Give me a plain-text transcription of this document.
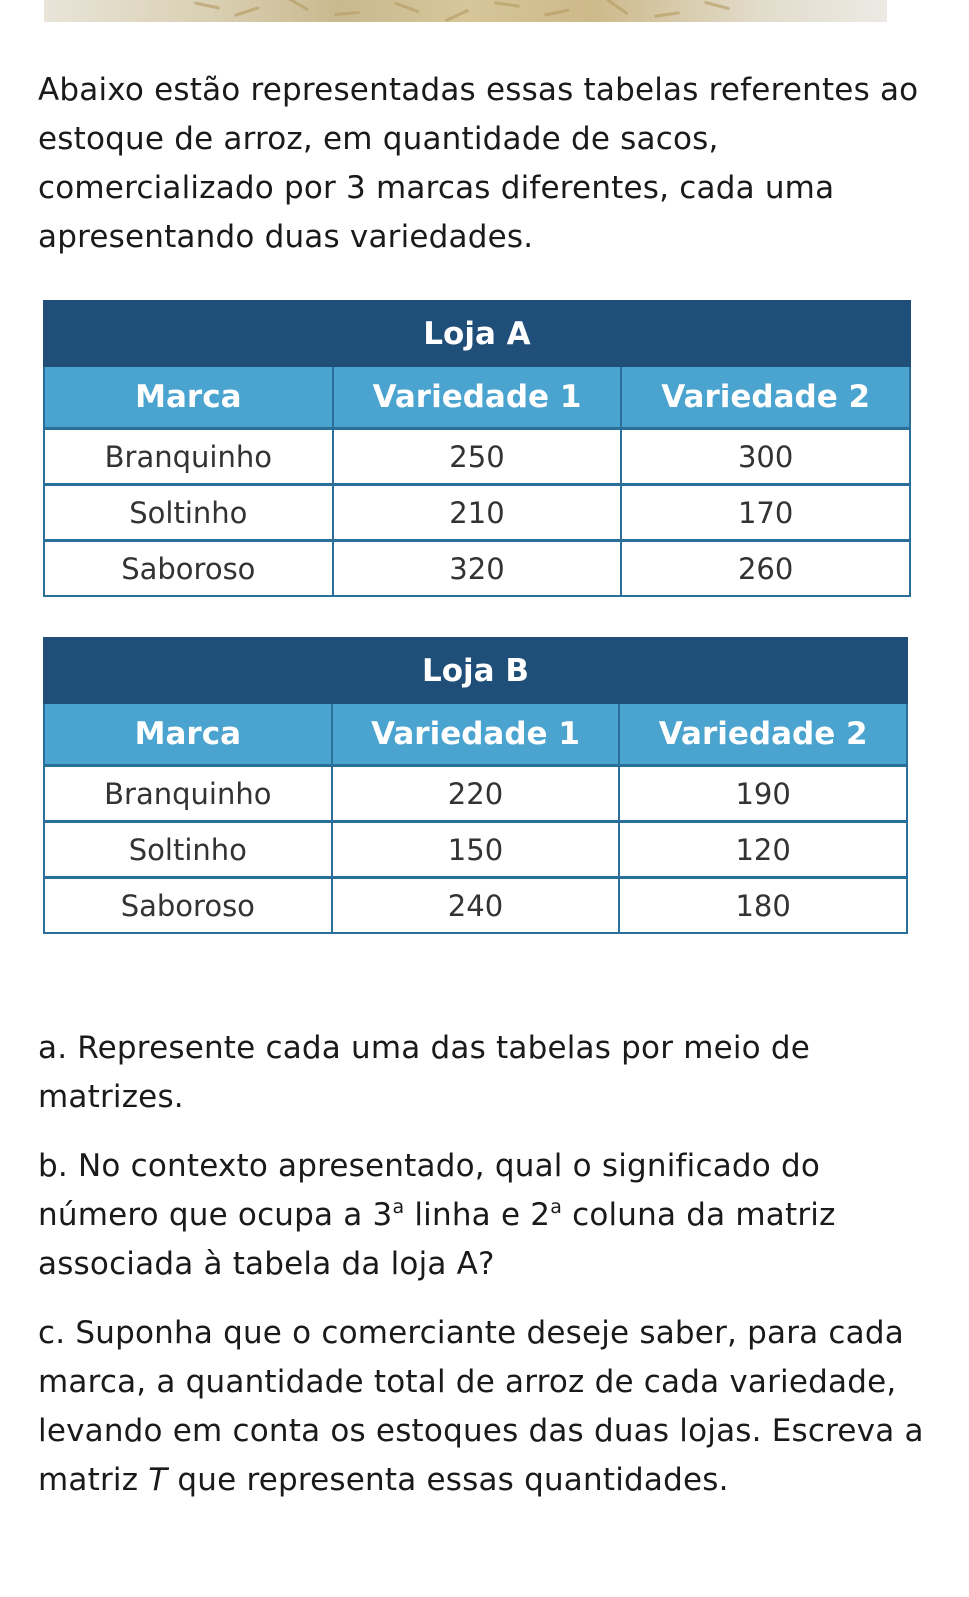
Abaixo estão representadas essas tabelas referentes ao estoque de arroz, em quantidade de sacos, comercializado por 3 marcas diferentes, cada uma apresentando duas variedades.

Loja A		
Marca	Variedade 1	Variedade 2
Branquinho	250	300
Soltinho	210	170
Saboroso	320	260
Loja B		
Marca	Variedade 1	Variedade 2
Branquinho	220	190
Soltinho	150	120
Saboroso	240	180

a. Represente cada uma das tabelas por meio de matrizes.

b. No contexto apresentado, qual o significado do número que ocupa a 3$^a$ linha e 2$^a$ coluna da matriz associada à tabela da loja A?

c. Suponha que o comerciante deseje saber, para cada marca, a quantidade total de arroz de cada variedade, levando em conta os estoques das duas lojas. Escreva a matriz T que representa essas quantidades.
